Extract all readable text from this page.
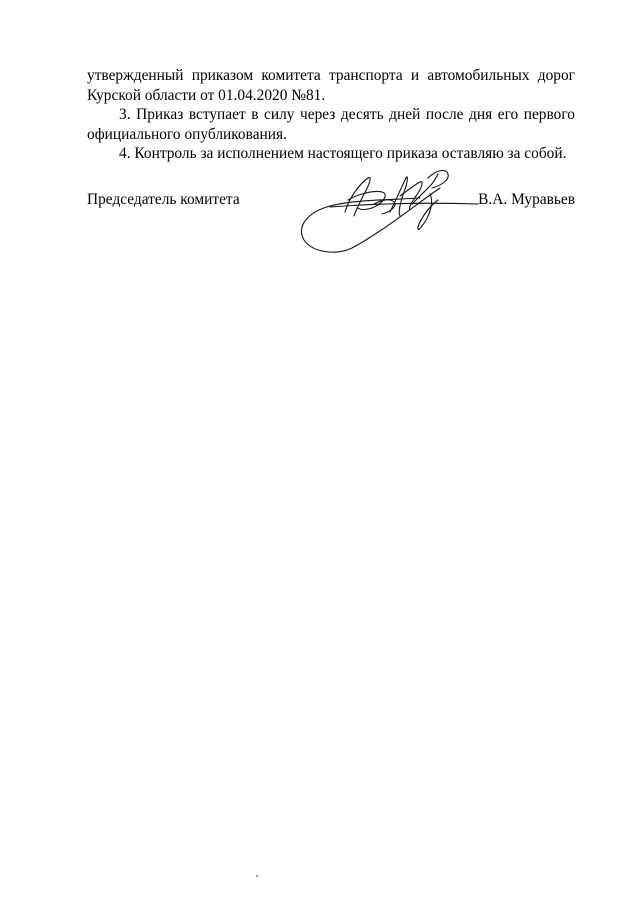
утвержденный приказом комитета транспорта и автомобильных дорог Курской области от 01.04.2020 №81.

3. Приказ вступает в силу через десять дней после дня его первого официального опубликования.

4. Контроль за исполнением настоящего приказа оставляю за собой.

Председатель комитета	В.А. Муравьев
